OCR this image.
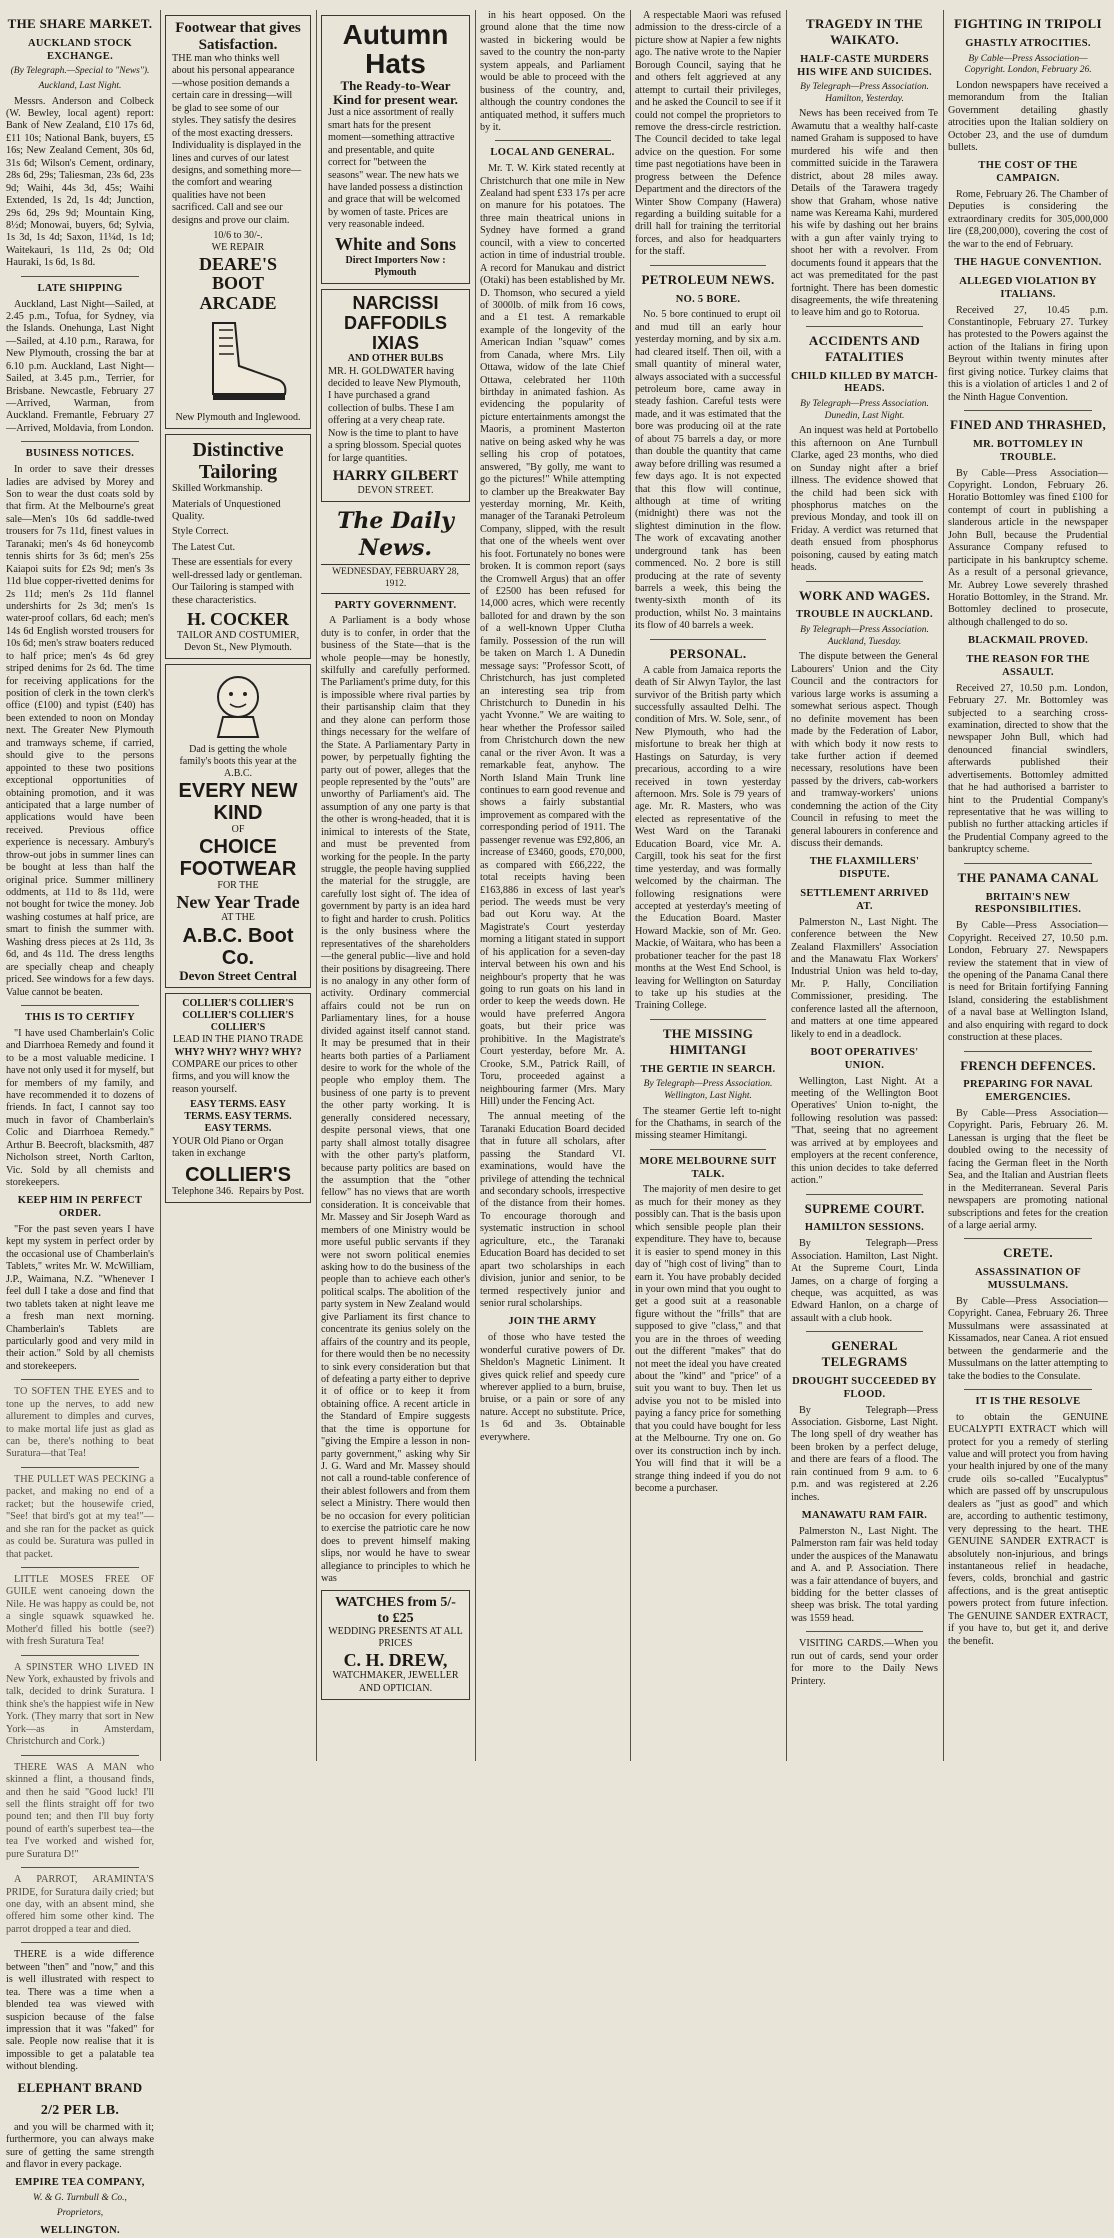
THE SHARE MARKET.
AUCKLAND STOCK EXCHANGE.
(By Telegraph.—Special to "News").
Auckland, Last Night.

Messrs. Anderson and Colbeck (W. Bewley, local agent) report: Bank of New Zealand, £10 17s 6d, £11 10s; National Bank, buyers, £5 16s; New Zealand Cement, 30s 6d, 31s 6d; Wilson's Cement, ordinary, 28s 6d, 29s; Taliesman, 23s 6d, 23s 9d; Waihi, 44s 3d, 45s; Waihi Extended, 1s 2d, 1s 4d; Junction, 29s 6d, 29s 9d; Mountain King, 8½d; Monowai, buyers, 6d; Sylvia, 1s 3d, 1s 4d; Saxon, 11¼d, 1s 1d; Waitekauri, 1s 11d, 2s 0d; Old Hauraki, 1s 6d, 1s 8d.

LATE SHIPPING

Auckland, Last Night—Sailed, at 2.45 p.m., Tofua, for Sydney, via the Islands. Onehunga, Last Night—Sailed, at 4.10 p.m., Rarawa, for New Plymouth, crossing the bar at 6.10 p.m. Auckland, Last Night—Sailed, at 3.45 p.m., Terrier, for Brisbane. Newcastle, February 27—Arrived, Warman, from Auckland. Fremantle, February 27—Arrived, Moldavia, from London.

BUSINESS NOTICES.

In order to save their dresses ladies are advised by Morey and Son to wear the dust coats sold by that firm. At the Melbourne's great sale—Men's 10s 6d saddle-twed trousers for 7s 11d, finest values in Taranaki; men's 4s 6d honeycomb tennis shirts for 3s 6d; men's 25s Kaiapoi suits for £2s 9d; men's 3s 11d blue copper-rivetted denims for 2s 11d; men's 2s 11d flannel undershirts for 2s 3d; men's 1s water-proof collars, 6d each; men's 14s 6d English worsted trousers for 10s 6d; men's straw boaters reduced to half price; men's 4s 6d grey striped denims for 2s 6d. The time for receiving applications for the position of clerk in the town clerk's office (£100) and typist (£40) has been extended to noon on Monday next. The Greater New Plymouth and tramways scheme, if carried, should give to the persons appointed to these two positions exceptional opportunities of obtaining promotion, and it was anticipated that a large number of applications would have been received. Previous office experience is necessary. Ambury's throw-out jobs in summer lines can be bought at less than half the original price. Summer millinery oddments, at 11d to 8s 11d, were not bought for twice the money. Job washing costumes at half price, are smart to finish the summer with. Washing dress pieces at 2s 11d, 3s 6d, and 4s 11d. The dress lengths are specially cheap and cheaply priced. See windows for a few days. Value cannot be beaten.

THIS IS TO CERTIFY

"I have used Chamberlain's Colic and Diarrhoea Remedy and found it to be a most valuable medicine. I have not only used it for myself, but for members of my family, and have recommended it to dozens of friends. In fact, I cannot say too much in favor of Chamberlain's Colic and Diarrhoea Remedy." Arthur B. Beecroft, blacksmith, 487 Nicholson street, North Carlton, Vic. Sold by all chemists and storekeepers.

KEEP HIM IN PERFECT ORDER.

"For the past seven years I have kept my system in perfect order by the occasional use of Chamberlain's Tablets," writes Mr. W. McWilliam, J.P., Waimana, N.Z. "Whenever I feel dull I take a dose and find that two tablets taken at night leave me a fresh man next morning. Chamberlain's Tablets are particularly good and very mild in their action." Sold by all chemists and storekeepers.

TO SOFTEN THE EYES and to tone up the nerves, to add new allurement to dimples and curves, to make mortal life just as glad as can be, there's nothing to beat Suratura—that Tea!

THE PULLET WAS PECKING a packet, and making no end of a racket; but the housewife cried, "See! that bird's got at my tea!"—and she ran for the packet as quick as could be. Suratura was pulled in that packet.

LITTLE MOSES FREE OF GUILE went canoeing down the Nile. He was happy as could be, not a single squawk squawked he. Mother'd filled his bottle (see?) with fresh Suratura Tea!

A SPINSTER WHO LIVED IN New York, exhausted by frivols and talk, decided to drink Suratura. I think she's the happiest wife in New York. (They marry that sort in New York—as in Amsterdam, Christchurch and Cork.)

THERE WAS A MAN who skinned a flint, a thousand finds, and then he said "Good luck! I'll sell the flints straight off for two pound ten; and then I'll buy forty pound of earth's superbest tea—the tea I've worked and wished for, pure Suratura D!"

A PARROT, ARAMINTA'S PRIDE, for Suratura daily cried; but one day, with an absent mind, she offered him some other kind. The parrot dropped a tear and died.

THERE is a wide difference between "then" and "now," and this is well illustrated with respect to tea. There was a time when a blended tea was viewed with suspicion because of the false impression that it was "faked" for sale. People now realise that it is impossible to get a palatable tea without blending.

ELEPHANT BRAND
2/2 PER LB.

and you will be charmed with it; furthermore, you can always make sure of getting the same strength and flavor in every package.

EMPIRE TEA COMPANY,
W. & G. Turnbull & Co.,
Proprietors,
WELLINGTON.
Footwear that gives Satisfaction.

THE man who thinks well about his personal appearance—whose position demands a certain care in dressing—will be glad to see some of our styles. They satisfy the desires of the most exacting dressers. Individuality is displayed in the lines and curves of our latest designs, and something more—the comfort and wearing qualities have not been sacrificed. Call and see our designs and prove our claim.

10/6 to 30/-.
WE REPAIR
DEARE'S BOOT ARCADE
New Plymouth and Inglewood.
Distinctive Tailoring

Skilled Workmanship.

Materials of Unquestioned Quality.

Style Correct.

The Latest Cut.

These are essentials for every well-dressed lady or gentleman. Our Tailoring is stamped with these characteristics.

H. COCKER
TAILOR AND COSTUMIER, Devon St., New Plymouth.
Dad is getting the whole family's boots this year at the A.B.C.
EVERY NEW KIND
OF
CHOICE FOOTWEAR
FOR THE
New Year Trade
AT THE
A.B.C. Boot Co.
Devon Street Central
COLLIER'S COLLIER'S COLLIER'S COLLIER'S COLLIER'S
LEAD IN THE PIANO TRADE
WHY? WHY? WHY? WHY?

COMPARE our prices to other firms, and you will know the reason yourself.

EASY TERMS. EASY TERMS. EASY TERMS. EASY TERMS.

YOUR Old Piano or Organ taken in exchange

COLLIER'S
Telephone 346. Repairs by Post.
Autumn Hats
The Ready-to-Wear Kind for present wear.

Just a nice assortment of really smart hats for the present moment—something attractive and presentable, and quite correct for "between the seasons" wear. The new hats we have landed possess a distinction and grace that will be welcomed by women of taste. Prices are very reasonable indeed.

White and Sons
Direct Importers Now : Plymouth
NARCISSI
DAFFODILS
IXIAS
AND OTHER BULBS

MR. H. GOLDWATER having decided to leave New Plymouth, I have purchased a grand collection of bulbs. These I am offering at a very cheap rate. Now is the time to plant to have a spring blossom. Special quotes for large quantities.

HARRY GILBERT
DEVON STREET.
The Daily News.
WEDNESDAY, FEBRUARY 28, 1912.
PARTY GOVERNMENT.

A Parliament is a body whose duty is to confer, in order that the business of the State—that is the whole people—may be honestly, skilfully and carefully performed. The Parliament's prime duty, for this is impossible where rival parties by their partisanship claim that they and they alone can perform those things necessary for the welfare of the State. A Parliamentary Party in power, by perpetually fighting the party out of power, alleges that the people represented by the "outs" are unworthy of Parliament's aid. The assumption of any one party is that the other is wrong-headed, that it is inimical to interests of the State, and must be prevented from working for the people. In the party struggle, the people having supplied the material for the struggle, are carefully lost sight of. The idea of government by party is an idea hard to fight and harder to crush. Politics is the only business where the representatives of the shareholders—the general public—live and hold their positions by disagreeing. There is no analogy in any other form of activity. Ordinary commercial affairs could not be run on Parliamentary lines, for a house divided against itself cannot stand. It may be presumed that in their hearts both parties of a Parliament desire to work for the whole of the people who employ them. The business of one party is to prevent the other party working. It is generally considered necessary, despite personal views, that one party shall almost totally disagree with the other party's platform, because party politics are based on the assumption that the "other fellow" has no views that are worth consideration. It is conceivable that Mr. Massey and Sir Joseph Ward as members of one Ministry would be more useful public servants if they were not sworn political enemies asking how to do the business of the people than to achieve each other's political scalps. The abolition of the party system in New Zealand would give Parliament its first chance to concentrate its genius solely on the affairs of the country and its people, for there would then be no necessity to sink every consideration but that of defeating a party either to deprive it of office or to keep it from obtaining office. A recent article in the Standard of Empire suggests that the time is opportune for "giving the Empire a lesson in non-party government," asking why Sir J. G. Ward and Mr. Massey should not call a round-table conference of their ablest followers and from them select a Ministry. There would then be no occasion for every politician to exercise the patriotic care he now does to prevent himself making slips, nor would he have to swear allegiance to principles to which he was

WATCHES from 5/- to £25
WEDDING PRESENTS AT ALL PRICES
C. H. DREW,
WATCHMAKER, JEWELLER AND OPTICIAN.

in his heart opposed. On the ground alone that the time now wasted in bickering would be saved to the country the non-party system appeals, and Parliament would be able to proceed with the business of the country, and, although the country condones the antiquated method, it suffers much by it.

LOCAL AND GENERAL.

Mr. T. W. Kirk stated recently at Christchurch that one mile in New Zealand had spent £33 17s per acre on manure for his potatoes. The three main theatrical unions in Sydney have formed a grand council, with a view to concerted action in time of industrial trouble. A record for Manukau and district (Otaki) has been established by Mr. D. Thomson, who secured a yield of 3000lb. of milk from 16 cows, and a £1 test. A remarkable example of the longevity of the American Indian "squaw" comes from Canada, where Mrs. Lily Ottawa, widow of the late Chief Ottawa, celebrated her 110th birthday in animated fashion. As evidencing the popularity of picture entertainments amongst the Maoris, a prominent Masterton native on being asked why he was selling his crop of potatoes, answered, "By golly, me want to go the pictures!" While attempting to clamber up the Breakwater Bay yesterday morning, Mr. Keith, manager of the Taranaki Petroleum Company, slipped, with the result that one of the wheels went over his foot. Fortunately no bones were broken. It is common report (says the Cromwell Argus) that an offer of £2500 has been refused for 14,000 acres, which were recently balloted for and drawn by the son of a well-known Upper Clutha family. Possession of the run will be taken on March 1. A Dunedin message says: "Professor Scott, of Christchurch, has just completed an interesting sea trip from Christchurch to Dunedin in his yacht Yvonne." We are waiting to hear whether the Professor sailed from Christchurch down the new canal or the river Avon. It was a remarkable feat, anyhow. The North Island Main Trunk line continues to earn good revenue and shows a fairly substantial improvement as compared with the corresponding period of 1911. The passenger revenue was £92,806, an increase of £3460, goods, £70,000, as compared with £66,222, the total receipts having been £163,886 in excess of last year's period. The weeds must be very bad out Koru way. At the Magistrate's Court yesterday morning a litigant stated in support of his application for a seven-day interval between his own and his neighbour's property that he was going to run goats on his land in order to keep the weeds down. He would have preferred Angora goats, but their price was prohibitive. In the Magistrate's Court yesterday, before Mr. A. Crooke, S.M., Patrick Raill, of Toru, proceeded against a neighbouring farmer (Mrs. Mary Hill) under the Fencing Act.

The annual meeting of the Taranaki Education Board decided that in future all scholars, after passing the Standard VI. examinations, would have the privilege of attending the technical and secondary schools, irrespective of the distance from their homes. To encourage thorough and systematic instruction in school agriculture, etc., the Taranaki Education Board has decided to set apart two scholarships in each division, junior and senior, to be termed respectively junior and senior rural scholarships.

JOIN THE ARMY

of those who have tested the wonderful curative powers of Dr. Sheldon's Magnetic Liniment. It gives quick relief and speedy cure wherever applied to a burn, bruise, bruise, or a pain or sore of any nature. Accept no substitute. Price, 1s 6d and 3s. Obtainable everywhere.

A respectable Maori was refused admission to the dress-circle of a picture show at Napier a few nights ago. The native wrote to the Napier Borough Council, saying that he and others felt aggrieved at any attempt to curtail their privileges, and he asked the Council to see if it could not compel the proprietors to remove the dress-circle restriction. The Council decided to take legal advice on the question. For some time past negotiations have been in progress between the Defence Department and the directors of the Winter Show Company (Hawera) regarding a building suitable for a drill hall for training the territorial forces, and also for headquarters for the staff.

PETROLEUM NEWS.
NO. 5 BORE.

No. 5 bore continued to erupt oil and mud till an early hour yesterday morning, and by six a.m. had cleared itself. Then oil, with a small quantity of mineral water, always associated with a successful petroleum bore, came away in steady fashion. Careful tests were made, and it was estimated that the bore was producing oil at the rate of about 75 barrels a day, or more than double the quantity that came away before drilling was resumed a few days ago. It is not expected that this flow will continue, although at time of writing (midnight) there was not the slightest diminution in the flow. The work of excavating another underground tank has been commenced. No. 2 bore is still producing at the rate of seventy barrels a week, this being the twenty-sixth month of its production, whilst No. 3 maintains its flow of 40 barrels a week.

PERSONAL.

A cable from Jamaica reports the death of Sir Alwyn Taylor, the last survivor of the British party which successfully assaulted Delhi. The condition of Mrs. W. Sole, senr., of New Plymouth, who had the misfortune to break her thigh at Hastings on Saturday, is very precarious, according to a wire received in town yesterday afternoon. Mrs. Sole is 79 years of age. Mr. R. Masters, who was elected as representative of the West Ward on the Taranaki Education Board, vice Mr. A. Cargill, took his seat for the first time yesterday, and was formally welcomed by the chairman. The following resignations were accepted at yesterday's meeting of the Education Board. Master Howard Mackie, son of Mr. Geo. Mackie, of Waitara, who has been a probationer teacher for the past 18 months at the West End School, is leaving for Wellington on Saturday to take up his studies at the Training College.

THE MISSING HIMITANGI
THE GERTIE IN SEARCH.
By Telegraph—Press Association. Wellington, Last Night.

The steamer Gertie left to-night for the Chathams, in search of the missing steamer Himitangi.

MORE MELBOURNE SUIT TALK.

The majority of men desire to get as much for their money as they possibly can. That is the basis upon which sensible people plan their expenditure. They have to, because it is easier to spend money in this day of "high cost of living" than to earn it. You have probably decided in your own mind that you ought to get a good suit at a reasonable figure without the "frills" that are supposed to give "class," and that you are in the throes of weeding out the different "makes" that do not meet the ideal you have created about the "kind" and "price" of a suit you want to buy. Then let us advise you not to be misled into paying a fancy price for something that you could have bought for less at the Melbourne. Try one on. Go over its construction inch by inch. You will find that it will be a strange thing indeed if you do not become a purchaser.

TRAGEDY IN THE WAIKATO.
HALF-CASTE MURDERS HIS WIFE AND SUICIDES.
By Telegraph—Press Association. Hamilton, Yesterday.

News has been received from Te Awamutu that a wealthy half-caste named Graham is supposed to have murdered his wife and then committed suicide in the Tarawera district, about 28 miles away. Details of the Tarawera tragedy show that Graham, whose native name was Kereama Kahi, murdered his wife by dashing out her brains with a gun after vainly trying to shoot her with a revolver. From documents found it appears that the act was premeditated for the past fortnight. There has been domestic disagreements, the wife threatening to leave him and go to Rotorua.

ACCIDENTS AND FATALITIES
CHILD KILLED BY MATCH-HEADS.
By Telegraph—Press Association. Dunedin, Last Night.

An inquest was held at Portobello this afternoon on Ane Turnbull Clarke, aged 23 months, who died on Sunday night after a brief illness. The evidence showed that the child had been sick with phosphorus matches on the previous Monday, and took ill on Friday. A verdict was returned that death ensued from phosphorus poisoning, caused by eating match heads.

WORK AND WAGES.
TROUBLE IN AUCKLAND.
By Telegraph—Press Association. Auckland, Tuesday.

The dispute between the General Labourers' Union and the City Council and the contractors for various large works is assuming a somewhat serious aspect. Though no definite movement has been made by the Federation of Labor, with which body it now rests to take further action if deemed necessary, resolutions have been passed by the drivers, cab-workers and tramway-workers' unions condemning the action of the City Council in refusing to meet the general labourers in conference and discuss their demands.

THE FLAXMILLERS' DISPUTE.
SETTLEMENT ARRIVED AT.

Palmerston N., Last Night. The conference between the New Zealand Flaxmillers' Association and the Manawatu Flax Workers' Industrial Union was held to-day, Mr. P. Hally, Conciliation Commissioner, presiding. The conference lasted all the afternoon, and matters at one time appeared likely to end in a deadlock.

BOOT OPERATIVES' UNION.

Wellington, Last Night. At a meeting of the Wellington Boot Operatives' Union to-night, the following resolution was passed: "That, seeing that no agreement was arrived at by employees and employers at the recent conference, this union decides to take deferred action."

SUPREME COURT.
HAMILTON SESSIONS.

By Telegraph—Press Association. Hamilton, Last Night. At the Supreme Court, Linda James, on a charge of forging a cheque, was acquitted, as was Edward Hanlon, on a charge of assault with a club hook.

GENERAL TELEGRAMS
DROUGHT SUCCEEDED BY FLOOD.

By Telegraph—Press Association. Gisborne, Last Night. The long spell of dry weather has been broken by a perfect deluge, and there are fears of a flood. The rain continued from 9 a.m. to 6 p.m. and was registered at 2.26 inches.

MANAWATU RAM FAIR.

Palmerston N., Last Night. The Palmerston ram fair was held today under the auspices of the Manawatu and A. and P. Association. There was a fair attendance of buyers, and bidding for the better classes of sheep was brisk. The total yarding was 1559 head.

VISITING CARDS.—When you run out of cards, send your order for more to the Daily News Printery.

FIGHTING IN TRIPOLI
GHASTLY ATROCITIES.
By Cable—Press Association—Copyright. London, February 26.

London newspapers have received a memorandum from the Italian Government detailing ghastly atrocities upon the Italian soldiery on October 23, and the use of dumdum bullets.

THE COST OF THE CAMPAIGN.

Rome, February 26. The Chamber of Deputies is considering the extraordinary credits for 305,000,000 lire (£8,200,000), covering the cost of the war to the end of February.

THE HAGUE CONVENTION.
ALLEGED VIOLATION BY ITALIANS.

Received 27, 10.45 p.m. Constantinople, February 27. Turkey has protested to the Powers against the action of the Italians in firing upon Beyrout within twenty minutes after first giving notice. Turkey claims that this is a violation of articles 1 and 2 of the Ninth Hague Convention.

FINED AND THRASHED,
MR. BOTTOMLEY IN TROUBLE.

By Cable—Press Association—Copyright. London, February 26. Horatio Bottomley was fined £100 for contempt of court in publishing a slanderous article in the newspaper John Bull, because the Prudential Assurance Company refused to participate in his bankruptcy scheme. As a result of a personal grievance, Mr. Aubrey Lowe severely thrashed Horatio Bottomley, in the Strand. Mr. Bottomley declined to prosecute, although challenged to do so.

BLACKMAIL PROVED.
THE REASON FOR THE ASSAULT.

Received 27, 10.50 p.m. London, February 27. Mr. Bottomley was subjected to a searching cross-examination, directed to show that the newspaper John Bull, which had denounced financial swindlers, afterwards published their advertisements. Bottomley admitted that he had authorised a barrister to hint to the Prudential Company's representative that he was willing to publish no further attacking articles if the Prudential Company agreed to the bankruptcy scheme.

THE PANAMA CANAL
BRITAIN'S NEW RESPONSIBILITIES.

By Cable—Press Association—Copyright. Received 27, 10.50 p.m. London, February 27. Newspapers review the statement that in view of the opening of the Panama Canal there is need for Britain fortifying Fanning Island, considering the establishment of a naval base at Wellington Island, and also enquiring with regard to dock construction at these places.

FRENCH DEFENCES.
PREPARING FOR NAVAL EMERGENCIES.

By Cable—Press Association—Copyright. Paris, February 26. M. Lanessan is urging that the fleet be doubled owing to the necessity of facing the German fleet in the North Sea, and the Italian and Austrian fleets in the Mediterranean. Several Paris newspapers are promoting national subscriptions and fetes for the creation of a large aerial army.

CRETE.
ASSASSINATION OF MUSSULMANS.

By Cable—Press Association—Copyright. Canea, February 26. Three Mussulmans were assassinated at Kissamados, near Canea. A riot ensued between the gendarmerie and the Mussulmans on the latter attempting to take the bodies to the Consulate.

IT IS THE RESOLVE

to obtain the GENUINE EUCALYPTI EXTRACT which will protect for you a remedy of sterling value and will protect you from having your health injured by one of the many crude oils so-called "Eucalyptus" which are passed off by unscrupulous dealers as "just as good" and which are, according to authentic testimony, very depressing to the heart. THE GENUINE SANDER EXTRACT is absolutely non-injurious, and brings instantaneous relief in headache, fevers, colds, bronchial and gastric affections, and is the great antiseptic powers protect from future infection. The GENUINE SANDER EXTRACT, if you have to, but get it, and derive the benefit.
